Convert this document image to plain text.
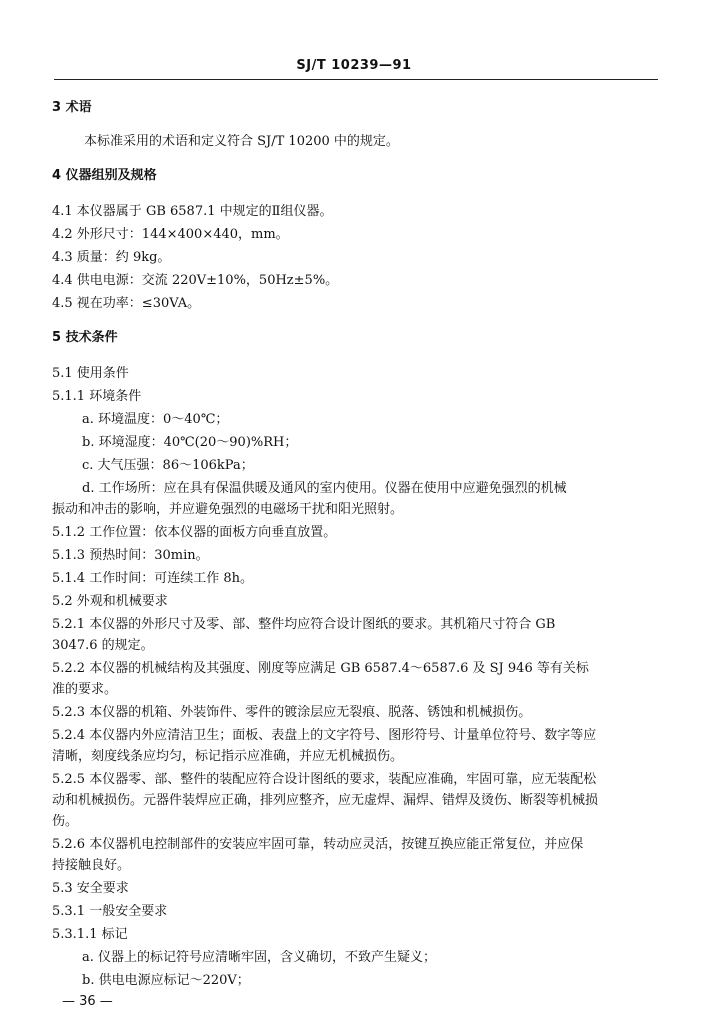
SJ/T 10239—91
3 术语
本标准采用的术语和定义符合 SJ/T 10200 中的规定。
4 仪器组别及规格
4.1 本仪器属于 GB 6587.1 中规定的Ⅱ组仪器。
4.2 外形尺寸：144×400×440，mm。
4.3 质量：约 9kg。
4.4 供电电源：交流 220V±10%，50Hz±5%。
4.5 视在功率：≤30VA。
5 技术条件
5.1 使用条件
5.1.1 环境条件
a. 环境温度：0～40℃；
b. 环境湿度：40℃(20～90)%RH；
c. 大气压强：86～106kPa；
d. 工作场所：应在具有保温供暖及通风的室内使用。仪器在使用中应避免强烈的机械
振动和冲击的影响，并应避免强烈的电磁场干扰和阳光照射。
5.1.2 工作位置：依本仪器的面板方向垂直放置。
5.1.3 预热时间：30min。
5.1.4 工作时间：可连续工作 8h。
5.2 外观和机械要求
5.2.1 本仪器的外形尺寸及零、部、整件均应符合设计图纸的要求。其机箱尺寸符合 GB
3047.6 的规定。
5.2.2 本仪器的机械结构及其强度、刚度等应满足 GB 6587.4～6587.6 及 SJ 946 等有关标
准的要求。
5.2.3 本仪器的机箱、外装饰件、零件的镀涂层应无裂痕、脱落、锈蚀和机械损伤。
5.2.4 本仪器内外应清洁卫生；面板、表盘上的文字符号、图形符号、计量单位符号、数字等应
清晰，刻度线条应均匀，标记指示应准确，并应无机械损伤。
5.2.5 本仪器零、部、整件的装配应符合设计图纸的要求，装配应准确，牢固可靠，应无装配松
动和机械损伤。元器件装焊应正确，排列应整齐，应无虚焊、漏焊、错焊及烫伤、断裂等机械损
伤。
5.2.6 本仪器机电控制部件的安装应牢固可靠，转动应灵活，按键互换应能正常复位，并应保
持接触良好。
5.3 安全要求
5.3.1 一般安全要求
5.3.1.1 标记
a. 仪器上的标记符号应清晰牢固，含义确切，不致产生疑义；
b. 供电电源应标记～220V；
— 36 —
